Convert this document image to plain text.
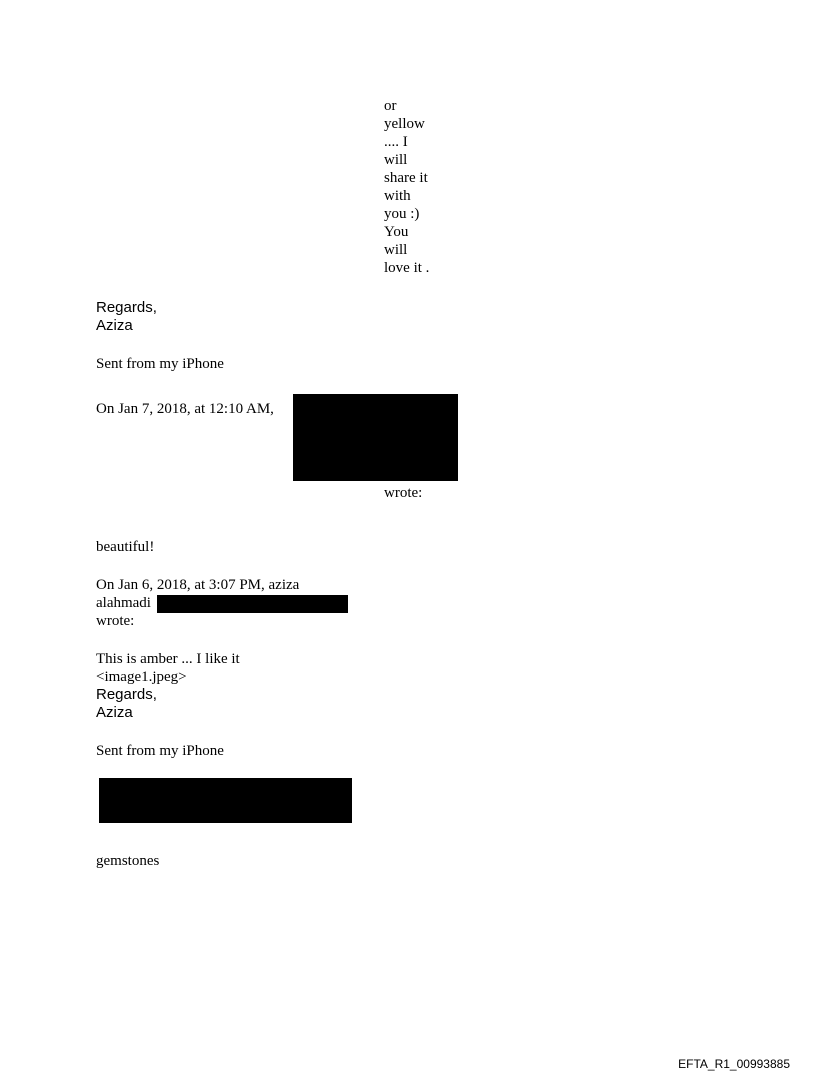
or
yellow
.... I
will
share it
with
you :)
You
will
love it .
Regards,
Aziza
Sent from my iPhone
On Jan 7, 2018, at 12:10 AM,
wrote:
beautiful!
On Jan 6, 2018, at 3:07 PM, aziza
alahmadi
wrote:
This is amber ... I like it
<image1.jpeg>
Regards,
Aziza
Sent from my iPhone
gemstones
EFTA_R1_00993885
